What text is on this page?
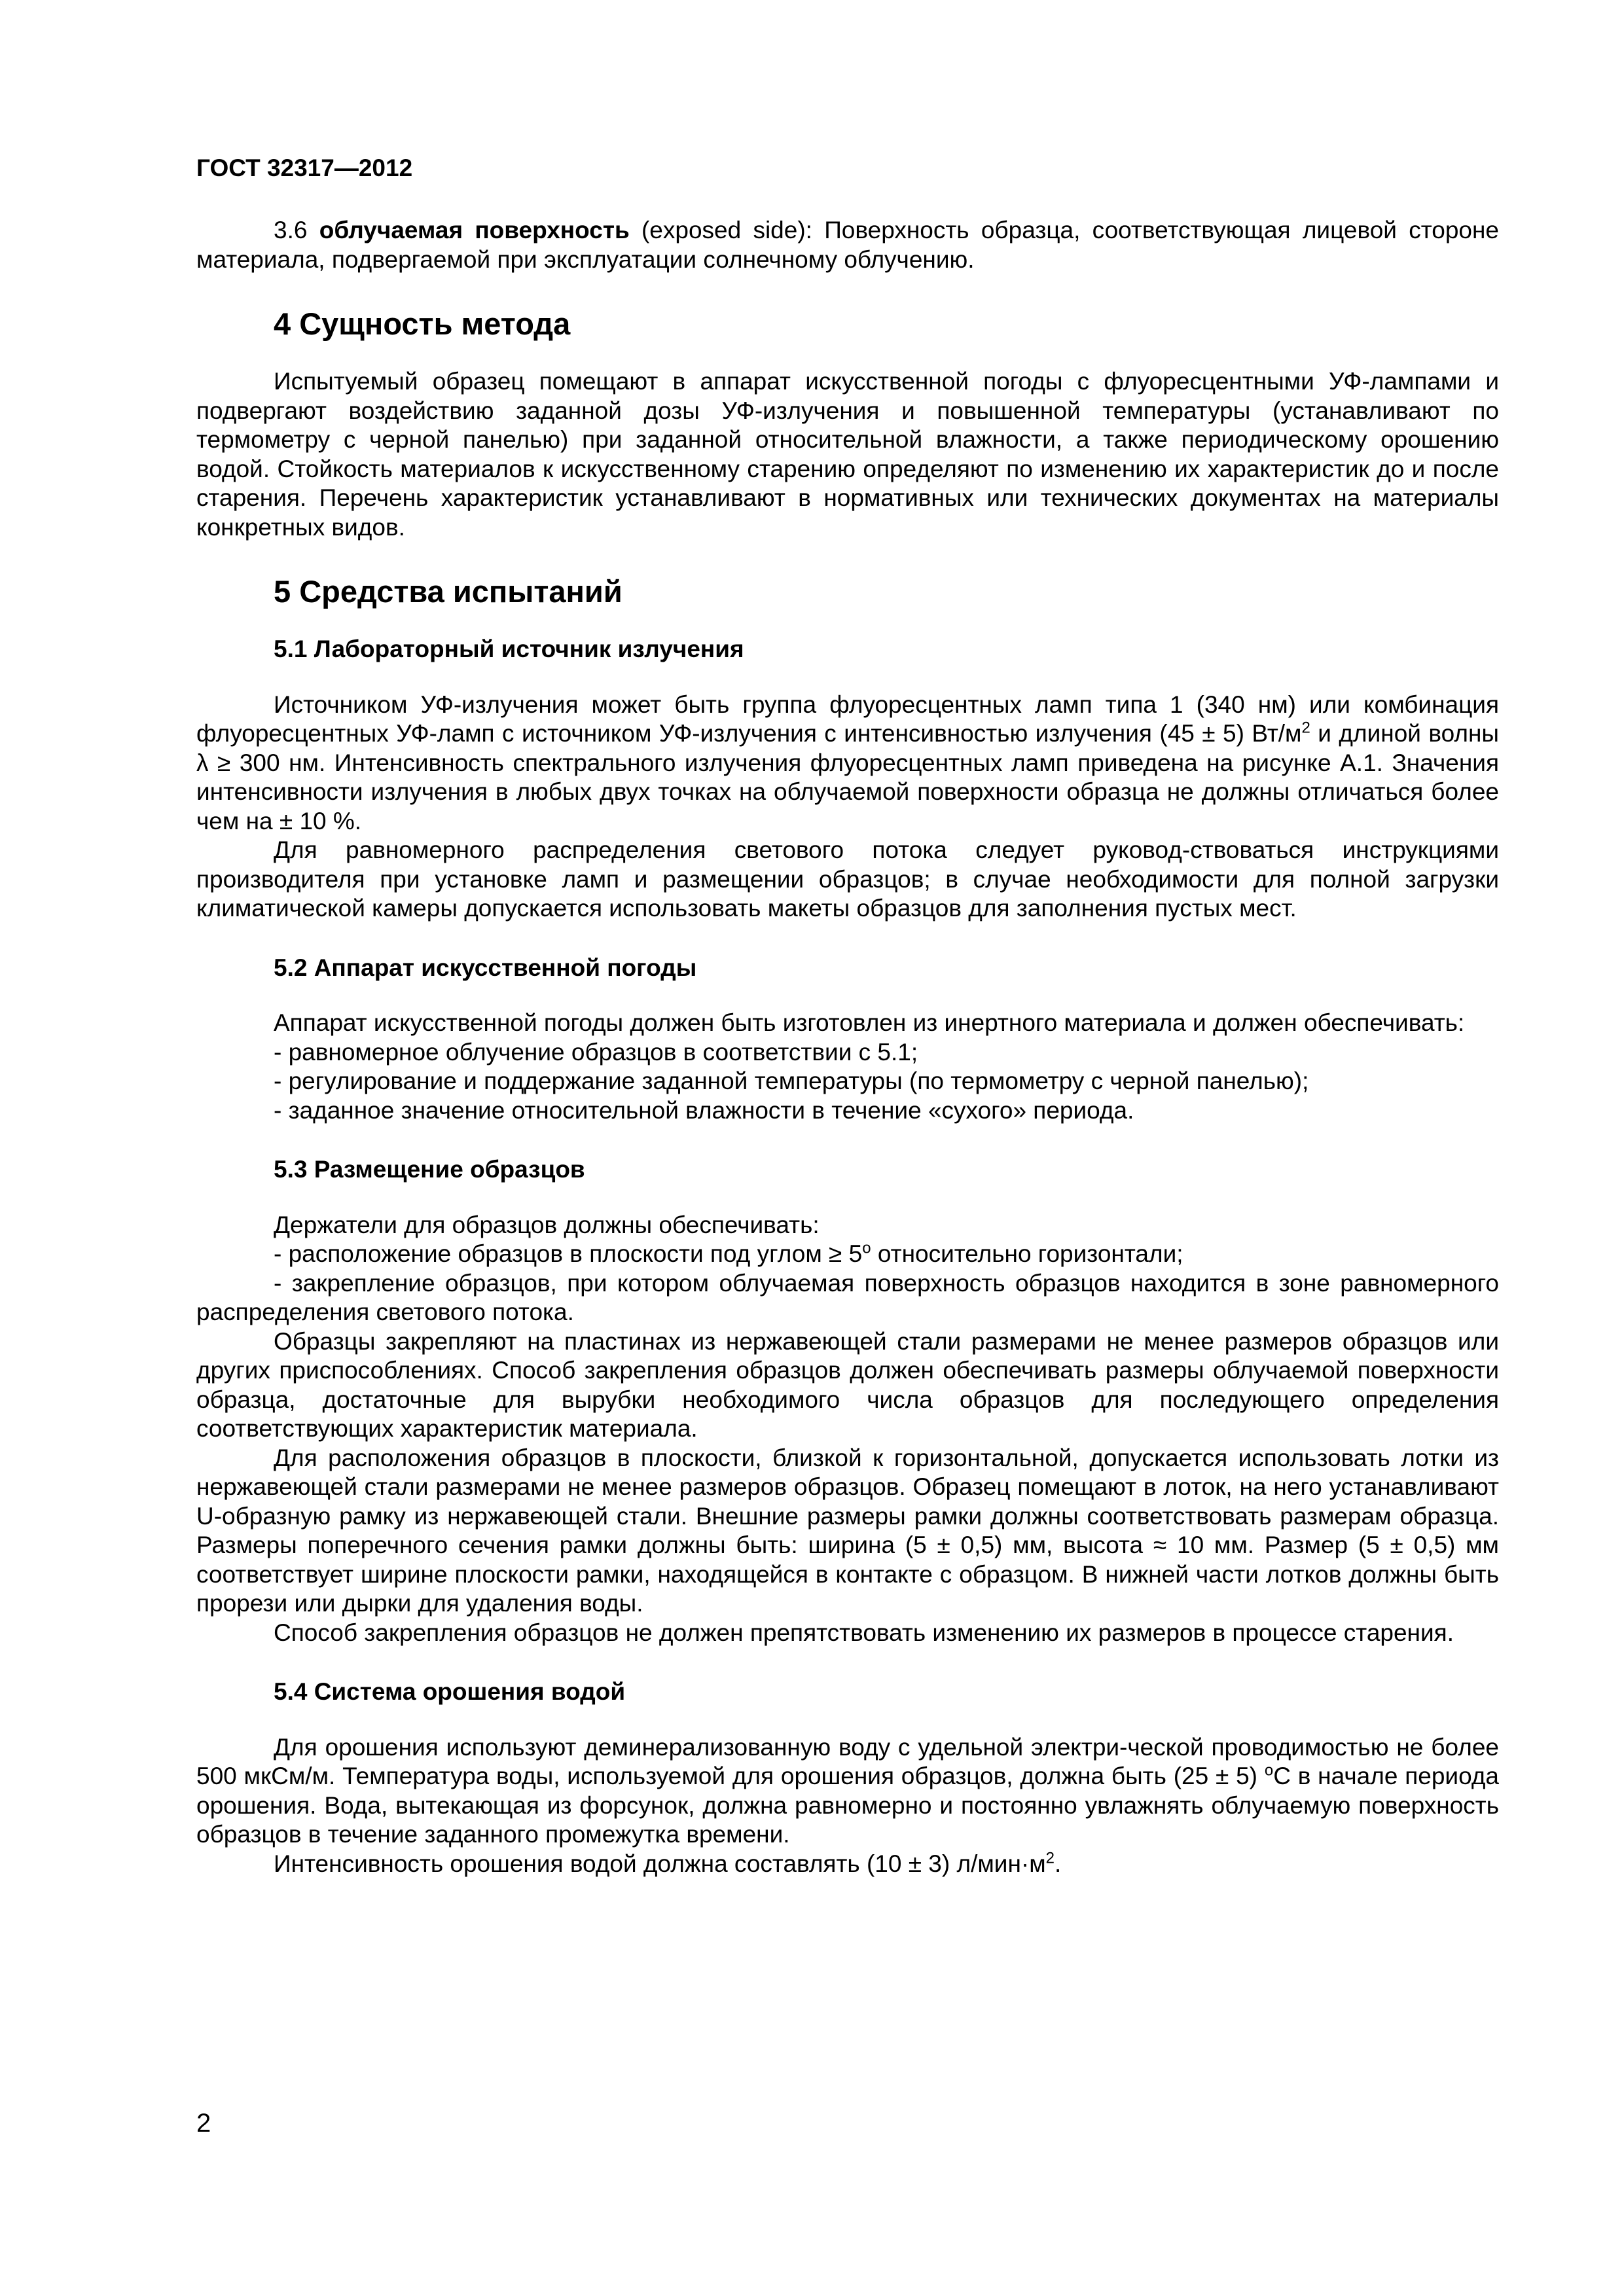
ГОСТ 32317—2012

3.6 облучаемая поверхность (exposed side): Поверхность образца, соответствующая лицевой стороне материала, подвергаемой при эксплуатации солнечному облучению.

4 Сущность метода

Испытуемый образец помещают в аппарат искусственной погоды с флуоресцентными УФ-лампами и подвергают воздействию заданной дозы УФ-излучения и повышенной температуры (устанавливают по термометру с черной панелью) при заданной относительной влажности, а также периодическому орошению водой. Стойкость материалов к искусственному старению определяют по изменению их характеристик до и после старения. Перечень характеристик устанавливают в нормативных или технических документах на материалы конкретных видов.

5 Средства испытаний
5.1 Лабораторный источник излучения

Источником УФ-излучения может быть группа флуоресцентных ламп типа 1 (340 нм) или комбинация флуоресцентных УФ-ламп с источником УФ-излучения с интенсивностью излучения (45 ± 5) $Вт/м^2$ и длиной волны λ ≥ 300 нм. Интенсивность спектрального излучения флуоресцентных ламп приведена на рисунке А.1. Значения интенсивности излучения в любых двух точках на облучаемой поверхности образца не должны отличаться более чем на ± 10 %.

Для равномерного распределения светового потока следует руковод-ствоваться инструкциями производителя при установке ламп и размещении образцов; в случае необходимости для полной загрузки климатической камеры допускается использовать макеты образцов для заполнения пустых мест.

5.2 Аппарат искусственной погоды

Аппарат искусственной погоды должен быть изготовлен из инертного материала и должен обеспечивать:

- равномерное облучение образцов в соответствии с 5.1;

- регулирование и поддержание заданной температуры (по термометру с черной панелью);

- заданное значение относительной влажности в течение «сухого» периода.

5.3 Размещение образцов

Держатели для образцов должны обеспечивать:

- расположение образцов в плоскости под углом ≥ $5^o$ относительно горизонтали;

- закрепление образцов, при котором облучаемая поверхность образцов находится в зоне равномерного распределения светового потока.

Образцы закрепляют на пластинах из нержавеющей стали размерами не менее размеров образцов или других приспособлениях. Способ закрепления образцов должен обеспечивать размеры облучаемой поверхности образца, достаточные для вырубки необходимого числа образцов для последующего определения соответствующих характеристик материала.

Для расположения образцов в плоскости, близкой к горизонтальной, допускается использовать лотки из нержавеющей стали размерами не менее размеров образцов. Образец помещают в лоток, на него устанавливают U-образную рамку из нержавеющей стали. Внешние размеры рамки должны соответствовать размерам образца. Размеры поперечного сечения рамки должны быть: ширина (5 ± 0,5) мм, высота ≈ 10 мм. Размер (5 ± 0,5) мм соответствует ширине плоскости рамки, находящейся в контакте с образцом. В нижней части лотков должны быть прорези или дырки для удаления воды.

Способ закрепления образцов не должен препятствовать изменению их размеров в процессе старения.

5.4 Система орошения водой

Для орошения используют деминерализованную воду с удельной электри-ческой проводимостью не более 500 мкСм/м. Температура воды, используемой для орошения образцов, должна быть (25 ± 5) $^o$С в начале периода орошения. Вода, вытекающая из форсунок, должна равномерно и постоянно увлажнять облучаемую поверхность образцов в течение заданного промежутка времени.

Интенсивность орошения водой должна составлять (10 ± 3) $л/мин\cdot м^2$.

2
